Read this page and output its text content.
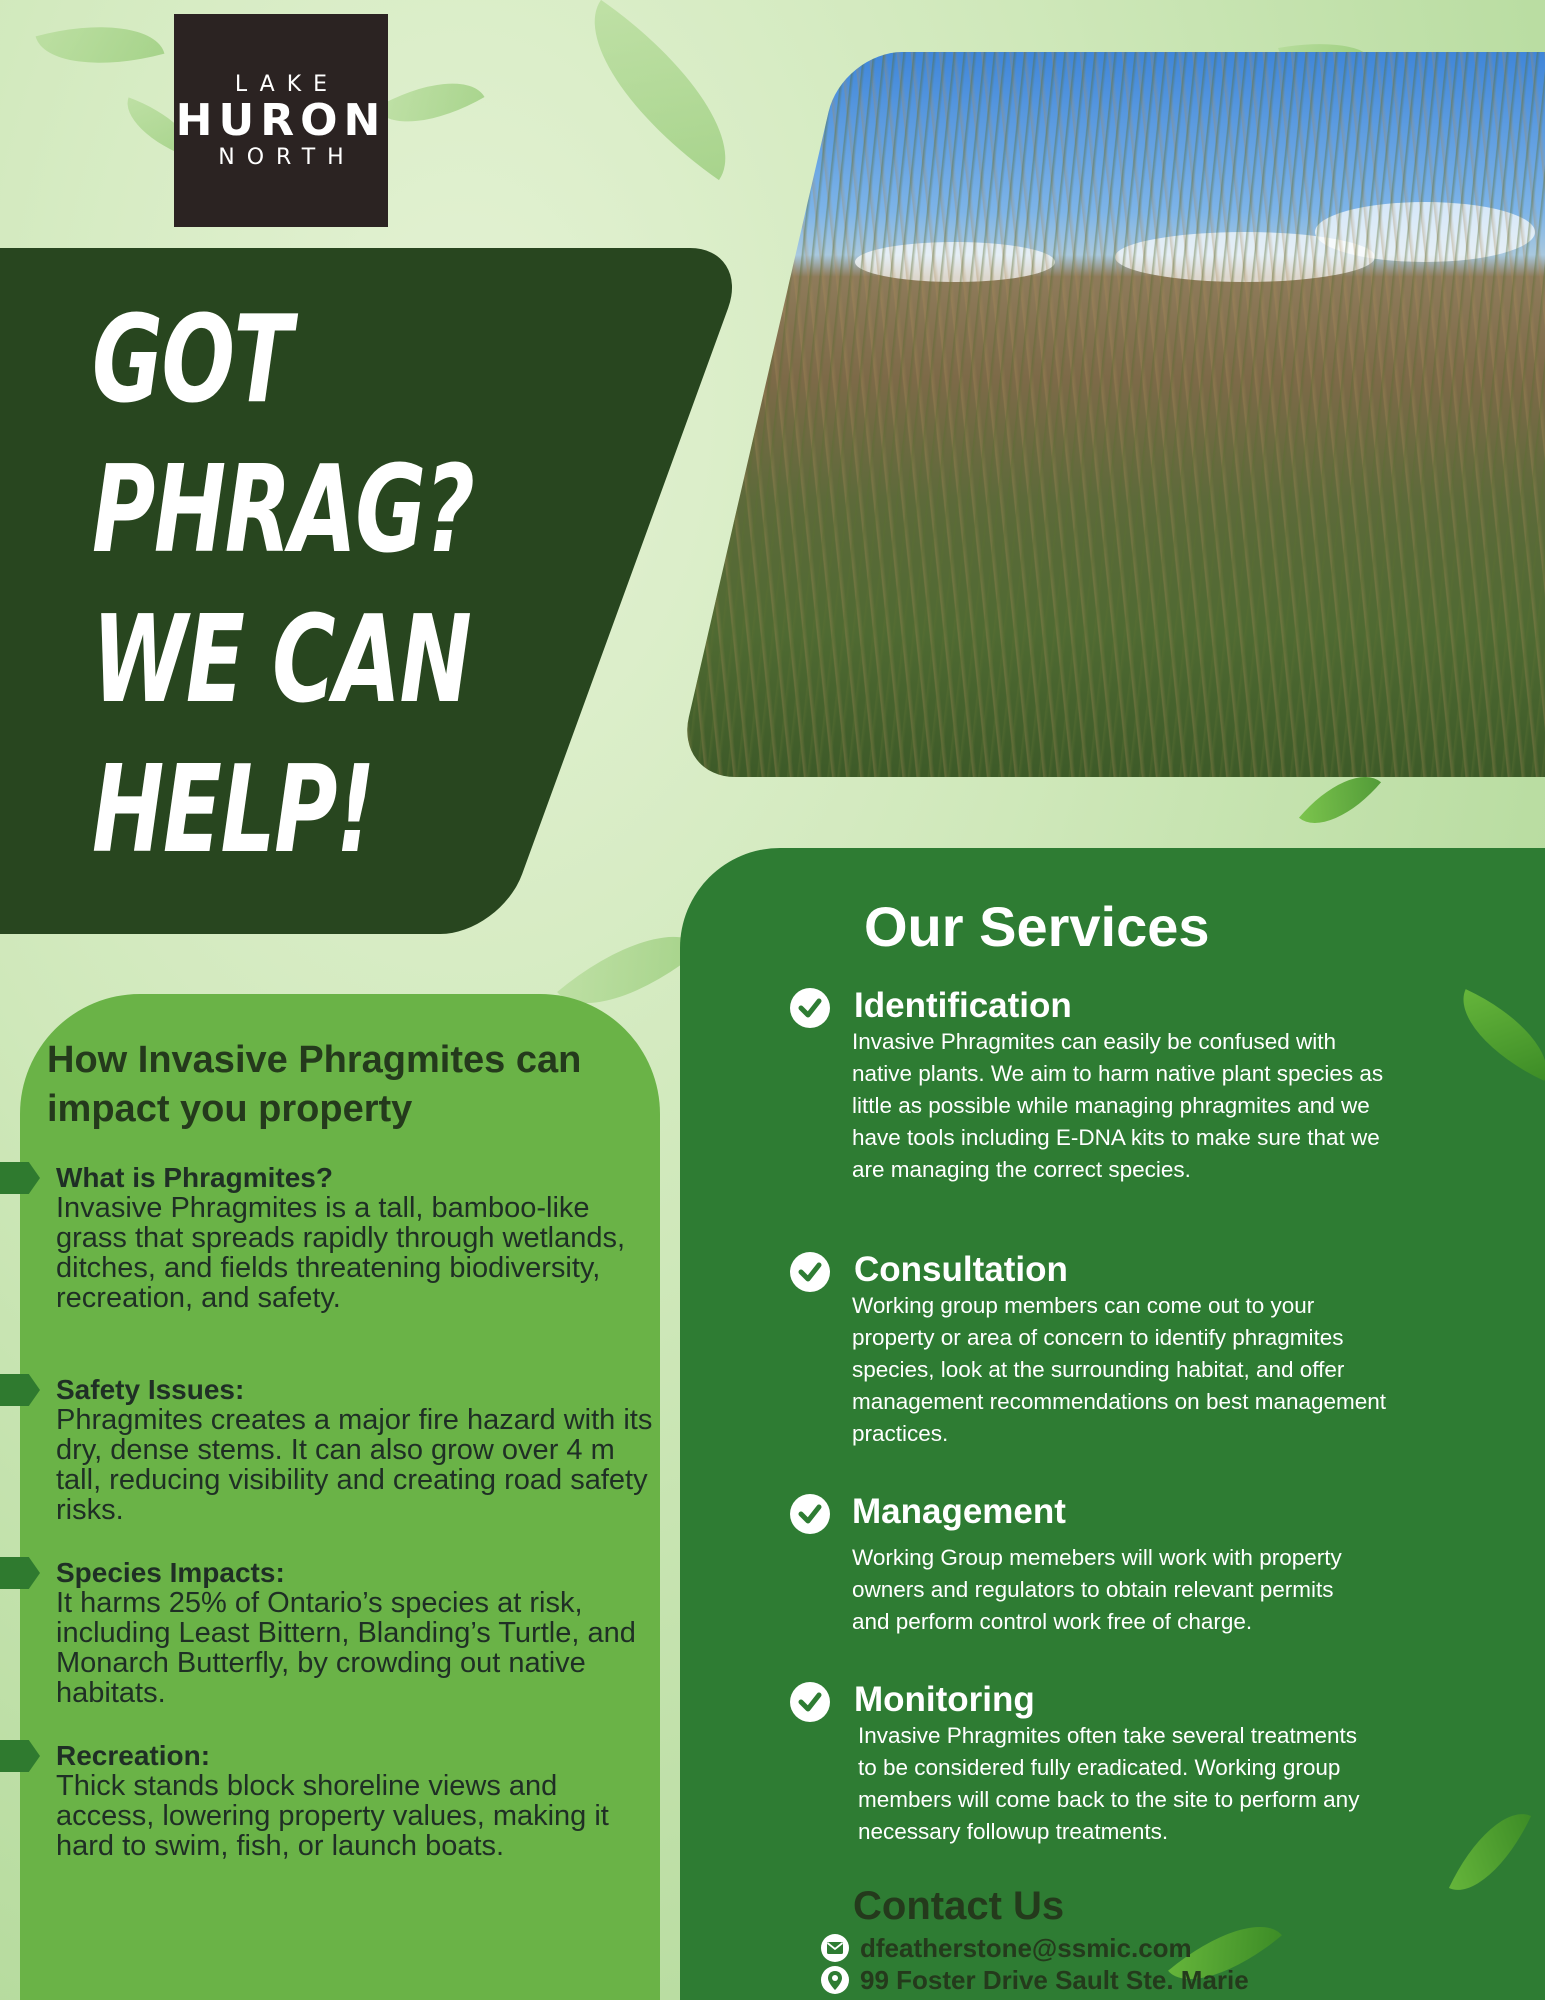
LAKE
HURON
NORTH
GOT
PHRAG?
WE CAN
HELP!
How Invasive Phragmites can impact you property
What is Phragmites?
Invasive Phragmites is a tall, bamboo-like grass that spreads rapidly through wetlands, ditches, and fields threatening biodiversity, recreation, and safety.
Safety Issues:
Phragmites creates a major fire hazard with its dry, dense stems. It can also grow over 4 m tall, reducing visibility and creating road safety risks.
Species Impacts:
It harms 25% of Ontario’s species at risk, including Least Bittern, Blanding’s Turtle, and Monarch Butterfly, by crowding out native habitats.
Recreation:
Thick stands block shoreline views and access, lowering property values, making it hard to swim, fish, or launch boats.
Our Services
Identification
Invasive Phragmites can easily be confused with native plants. We aim to harm native plant species as little as possible while managing phragmites and we have tools including E-DNA kits to make sure that we are managing the correct species.
Consultation
Working group members can come out to your property or area of concern to identify phragmites species, look at the surrounding habitat, and offer management recommendations on best management practices.
Management
Working Group memebers will work with property owners and regulators to obtain relevant permits and perform control work free of charge.
Monitoring
Invasive Phragmites often take several treatments to be considered fully eradicated. Working group members will come back to the site to perform any necessary followup treatments.
Contact Us
dfeatherstone@ssmic.com
99 Foster Drive Sault Ste. Marie
